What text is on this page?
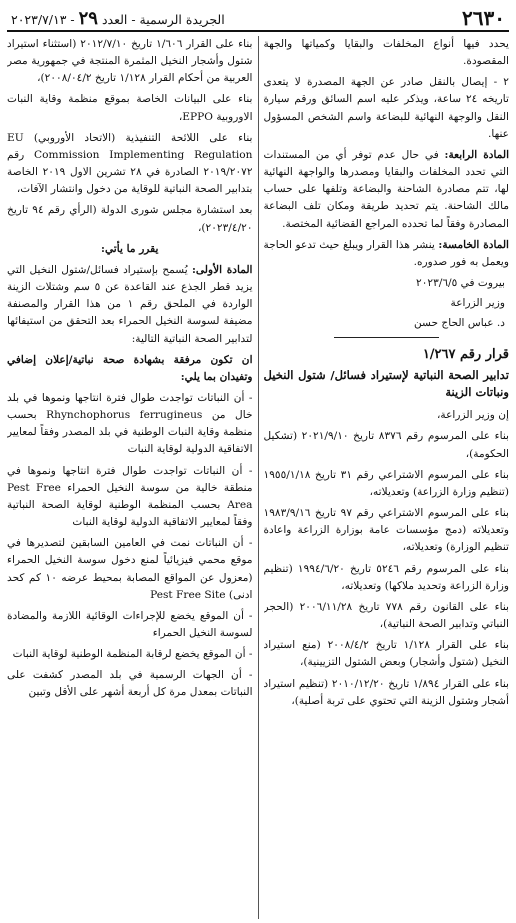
٢٦٣٠
الجريدة الرسمية - العدد ٢٩ - ٢٠٢٣/٧/١٣

يحدد فيها أنواع المخلفات والبقايا وكمياتها والجهة المقصودة.

٢ - إيصال بالنقل صادر عن الجهة المصدرة لا يتعدى تاريخه ٢٤ ساعة، ويذكر عليه اسم السائق ورقم سيارة النقل والوجهة النهائية للبضاعة واسم الشخص المسؤول عنها.

المادة الرابعة: في حال عدم توفر أي من المستندات التي تحدد المخلفات والبقايا ومصدرها والواجهة النهائية لها، تتم مصادرة الشاحنة والبضاعة وتلفها على حساب مالك الشاحنة. يتم تحديد طريقة ومكان تلف البضاعة المصادرة وفقاً لما تحدده المراجع القضائية المختصة.

المادة الخامسة: ينشر هذا القرار ويبلغ حيث تدعو الحاجة ويعمل به فور صدوره.

بيروت في ٢٠٢٣/٦/٥
وزير الزراعة
د. عباس الحاج حسن
قرار رقم ١/٢٦٧
تدابير الصحة النباتية لإستيراد فسائل/ شتول النخيل ونباتات الزينة

إن وزير الزراعة،

بناء على المرسوم رقم ٨٣٧٦ تاريخ ٢٠٢١/٩/١٠ (تشكيل الحكومة)،

بناء على المرسوم الاشتراعي رقم ٣١ تاريخ ١٩٥٥/١/١٨ (تنظيم وزارة الزراعة) وتعديلاته،

بناء على المرسوم الاشتراعي رقم ٩٧ تاريخ ١٩٨٣/٩/١٦ وتعديلاته (دمج مؤسسات عامة بوزارة الزراعة واعادة تنظيم الوزارة) وتعديلاته،

بناء على المرسوم رقم ٥٢٤٦ تاريخ ١٩٩٤/٦/٢٠ (تنظيم وزارة الزراعة وتحديد ملاكها) وتعديلاته،

بناء على القانون رقم ٧٧٨ تاريخ ٢٠٠٦/١١/٢٨ (الحجر النباتي وتدابير الصحة النباتية)،

بناء على القرار ١/١٢٨ تاريخ ٢٠٠٨/٤/٢ (منع استيراد النخيل (شتول وأشجار) وبعض الشتول التزيينية)،

بناء على القرار ١/٨٩٤ تاريخ ٢٠١٠/١٢/٢٠ (تنظيم استيراد أشجار وشتول الزينة التي تحتوي على تربة أصلية)،

بناء على القرار ١/٦٠٦ تاريخ ٢٠١٢/٧/١٠ (استثناء استيراد شتول وأشجار النخيل المثمرة المنتجة في جمهورية مصر العربية من أحكام القرار ١/١٢٨ تاريخ ٢٠٠٨/٠٤/٢)،

بناء على البيانات الخاصة بموقع منظمة وقاية النبات الاوروبية EPPO،

بناء على اللائحة التنفيذية (الاتحاد الأوروبي) EU Commission Implementing Regulation رقم ٢٠١٩/٢٠٧٢ الصادرة في ٢٨ تشرين الاول ٢٠١٩ الخاصة بتدابير الصحة النباتية للوقاية من دخول وانتشار الآفات،

بعد استشارة مجلس شورى الدولة (الرأي رقم ٩٤ تاريخ ٢٠٢٣/٤/٢٠)،

يقرر ما يأتي:

المادة الأولى: يُسمح بإستيراد فسائل/شتول النخيل التي يزيد قطر الجذع عند القاعدة عن ٥ سم وشتلات الزينة الواردة في الملحق رقم ١ من هذا القرار والمصنفة مضيفة لسوسة النخيل الحمراء بعد التحقق من استيفائها لتدابير الصحة النباتية التالية:

ان تكون مرفقة بشهادة صحة نباتية/إعلان إضافي وتفيدان بما يلي:

- أن النباتات تواجدت طوال فترة انتاجها ونموها في بلد خال من Rhynchophorus ferrugineus بحسب منظمة وقاية النبات الوطنية في بلد المصدر وفقاً لمعايير الاتفاقية الدولية لوقاية النبات

- أن النباتات تواجدت طوال فترة انتاجها ونموها في منطقة خالية من سوسة النخيل الحمراء Pest Free Area بحسب المنظمة الوطنية لوقاية الصحة النباتية وفقاً لمعايير الاتفاقية الدولية لوقاية النبات

- أن النباتات نمت في العامين السابقين لتصديرها في موقع محمي فيزيائياً لمنع دخول سوسة النخيل الحمراء (معزول عن المواقع المصابة بمحيط عرضه ١٠ كم كحد ادنى) Pest Free Site

- أن الموقع يخضع للإجراءات الوقائية اللازمة والمضادة لسوسة النخيل الحمراء

- أن الموقع يخضع لرقابة المنظمة الوطنية لوقاية النبات

- أن الجهات الرسمية في بلد المصدر كشفت على النباتات بمعدل مرة كل أربعة أشهر على الأقل وتبين
